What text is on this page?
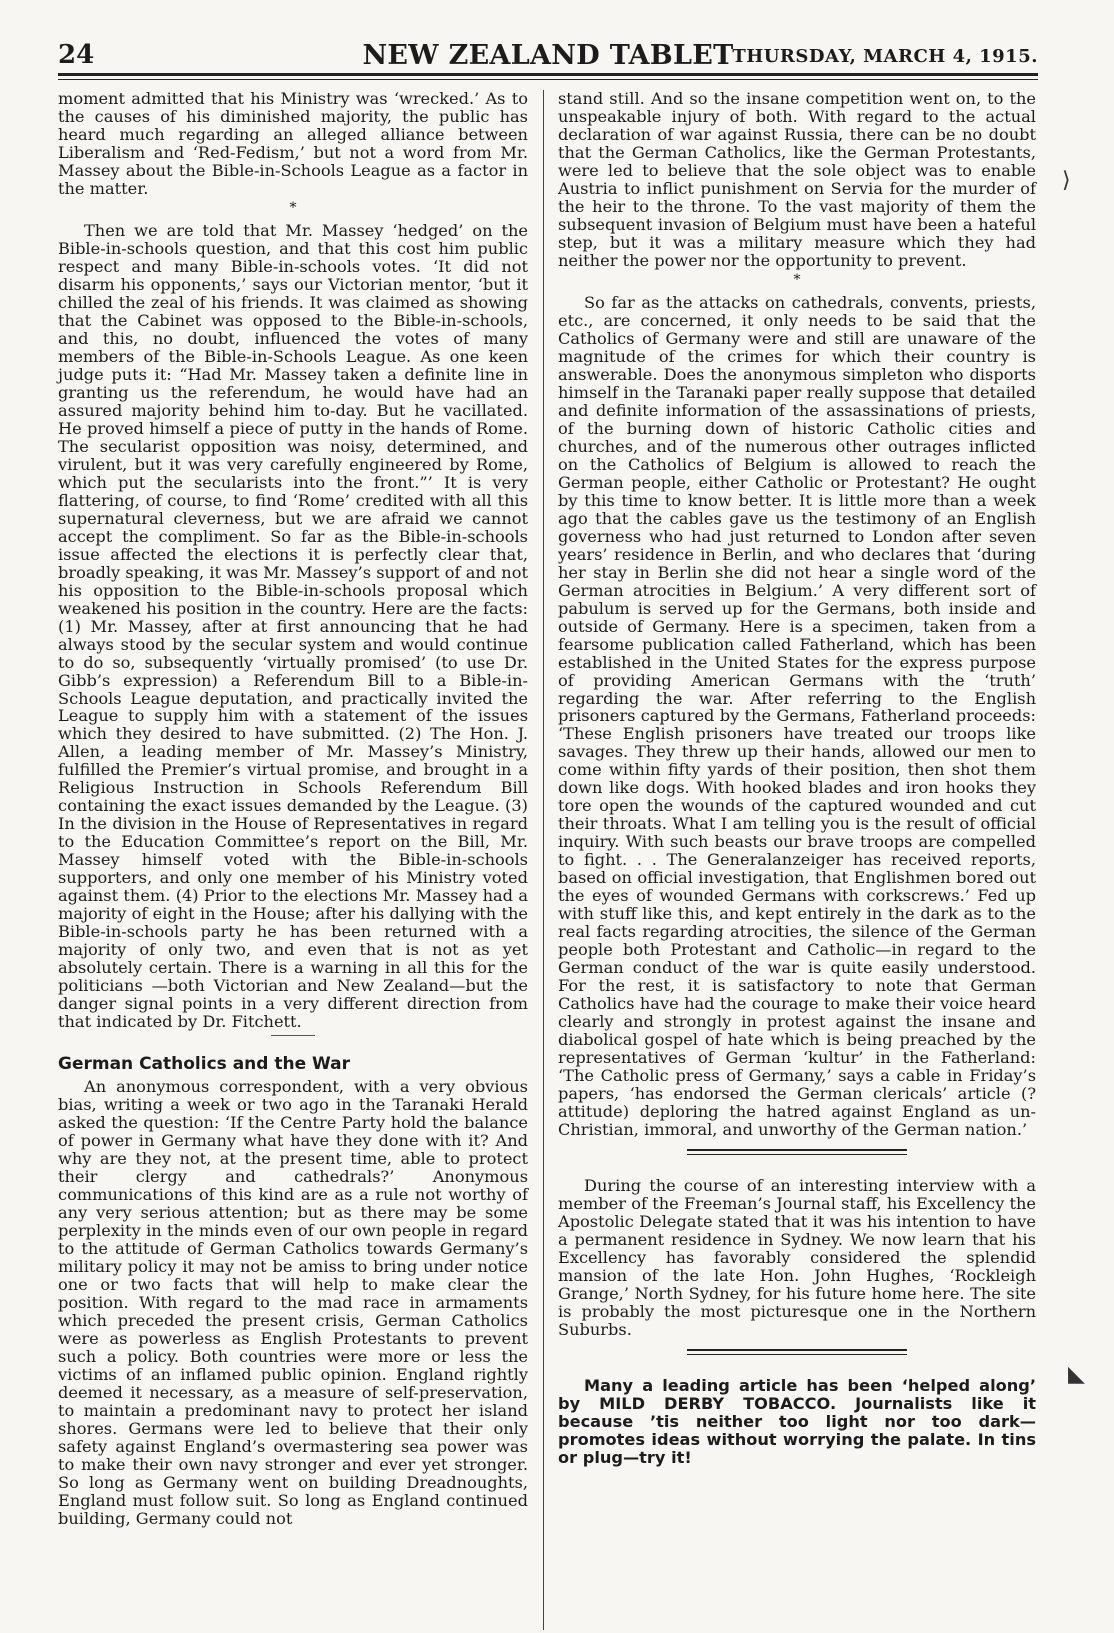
24	NEW ZEALAND TABLET
THURSDAY, MARCH 4, 1915.

moment admitted that his Ministry was ‘wrecked.’ As to the causes of his diminished majority, the public has heard much regarding an alleged alliance between Liberalism and ‘Red-Fedism,’ but not a word from Mr. Massey about the Bible-in-Schools League as a factor in the matter.

*

Then we are told that Mr. Massey ‘hedged’ on the Bible-in-schools question, and that this cost him public respect and many Bible-in-schools votes. ‘It did not disarm his opponents,’ says our Victorian mentor, ‘but it chilled the zeal of his friends. It was claimed as showing that the Cabinet was opposed to the Bible-in-schools, and this, no doubt, influenced the votes of many members of the Bible-in-Schools League. As one keen judge puts it: “Had Mr. Massey taken a definite line in granting us the referendum, he would have had an assured majority behind him to-day. But he vacillated. He proved himself a piece of putty in the hands of Rome. The secularist opposition was noisy, determined, and virulent, but it was very carefully engineered by Rome, which put the secularists into the front.”’ It is very flattering, of course, to find ‘Rome’ credited with all this supernatural cleverness, but we are afraid we cannot accept the compliment. So far as the Bible-in-schools issue affected the elections it is perfectly clear that, broadly speaking, it was Mr. Massey’s support of and not his opposition to the Bible-in-schools proposal which weakened his position in the country. Here are the facts: (1) Mr. Massey, after at first announcing that he had always stood by the secular system and would continue to do so, subsequently ‘virtually promised’ (to use Dr. Gibb’s expression) a Referendum Bill to a Bible-in-Schools League deputation, and practically invited the League to supply him with a statement of the issues which they desired to have submitted. (2) The Hon. J. Allen, a leading member of Mr. Massey’s Ministry, fulfilled the Premier’s virtual promise, and brought in a Religious Instruction in Schools Referendum Bill containing the exact issues demanded by the League. (3) In the division in the House of Representatives in regard to the Education Committee’s report on the Bill, Mr. Massey himself voted with the Bible-in-schools supporters, and only one member of his Ministry voted against them. (4) Prior to the elections Mr. Massey had a majority of eight in the House; after his dallying with the Bible-in-schools party he has been returned with a majority of only two, and even that is not as yet absolutely certain. There is a warning in all this for the politicians —both Victorian and New Zealand—but the danger signal points in a very different direction from that indicated by Dr. Fitchett.

German Catholics and the War

An anonymous correspondent, with a very obvious bias, writing a week or two ago in the Taranaki Herald asked the question: ‘If the Centre Party hold the balance of power in Germany what have they done with it? And why are they not, at the present time, able to protect their clergy and cathedrals?’ Anonymous communications of this kind are as a rule not worthy of any very serious attention; but as there may be some perplexity in the minds even of our own people in regard to the attitude of German Catholics towards Germany’s military policy it may not be amiss to bring under notice one or two facts that will help to make clear the position. With regard to the mad race in armaments which preceded the present crisis, German Catholics were as powerless as English Protestants to prevent such a policy. Both countries were more or less the victims of an inflamed public opinion. England rightly deemed it necessary, as a measure of self-preservation, to maintain a predominant navy to protect her island shores. Germans were led to believe that their only safety against England’s overmastering sea power was to make their own navy stronger and ever yet stronger. So long as Germany went on building Dreadnoughts, England must follow suit. So long as England continued building, Germany could not

stand still. And so the insane competition went on, to the unspeakable injury of both. With regard to the actual declaration of war against Russia, there can be no doubt that the German Catholics, like the German Protestants, were led to believe that the sole object was to enable Austria to inflict punishment on Servia for the murder of the heir to the throne. To the vast majority of them the subsequent invasion of Belgium must have been a hateful step, but it was a military measure which they had neither the power nor the opportunity to prevent.

*

So far as the attacks on cathedrals, convents, priests, etc., are concerned, it only needs to be said that the Catholics of Germany were and still are unaware of the magnitude of the crimes for which their country is answerable. Does the anonymous simpleton who disports himself in the Taranaki paper really suppose that detailed and definite information of the assassinations of priests, of the burning down of historic Catholic cities and churches, and of the numerous other outrages inflicted on the Catholics of Belgium is allowed to reach the German people, either Catholic or Protestant? He ought by this time to know better. It is little more than a week ago that the cables gave us the testimony of an English governess who had just returned to London after seven years’ residence in Berlin, and who declares that ‘during her stay in Berlin she did not hear a single word of the German atrocities in Belgium.’ A very different sort of pabulum is served up for the Germans, both inside and outside of Germany. Here is a specimen, taken from a fearsome publication called Fatherland, which has been established in the United States for the express purpose of providing American Germans with the ‘truth’ regarding the war. After referring to the English prisoners captured by the Germans, Fatherland proceeds: ‘These English prisoners have treated our troops like savages. They threw up their hands, allowed our men to come within fifty yards of their position, then shot them down like dogs. With hooked blades and iron hooks they tore open the wounds of the captured wounded and cut their throats. What I am telling you is the result of official inquiry. With such beasts our brave troops are compelled to fight. . . The Generalanzeiger has received reports, based on official investigation, that Englishmen bored out the eyes of wounded Germans with corkscrews.’ Fed up with stuff like this, and kept entirely in the dark as to the real facts regarding atrocities, the silence of the German people both Protestant and Catholic—in regard to the German conduct of the war is quite easily understood. For the rest, it is satisfactory to note that German Catholics have had the courage to make their voice heard clearly and strongly in protest against the insane and diabolical gospel of hate which is being preached by the representatives of German ‘kultur’ in the Fatherland: ‘The Catholic press of Germany,’ says a cable in Friday’s papers, ‘has endorsed the German clericals’ article (? attitude) deploring the hatred against England as un-Christian, immoral, and unworthy of the German nation.’

During the course of an interesting interview with a member of the Freeman’s Journal staff, his Excellency the Apostolic Delegate stated that it was his intention to have a permanent residence in Sydney. We now learn that his Excellency has favorably considered the splendid mansion of the late Hon. John Hughes, ‘Rockleigh Grange,’ North Sydney, for his future home here. The site is probably the most picturesque one in the Northern Suburbs.

Many a leading article has been ‘helped along’ by MILD DERBY TOBACCO. Journalists like it because ’tis neither too light nor too dark—promotes ideas without worrying the palate. In tins or plug—try it!

⟩
◣
